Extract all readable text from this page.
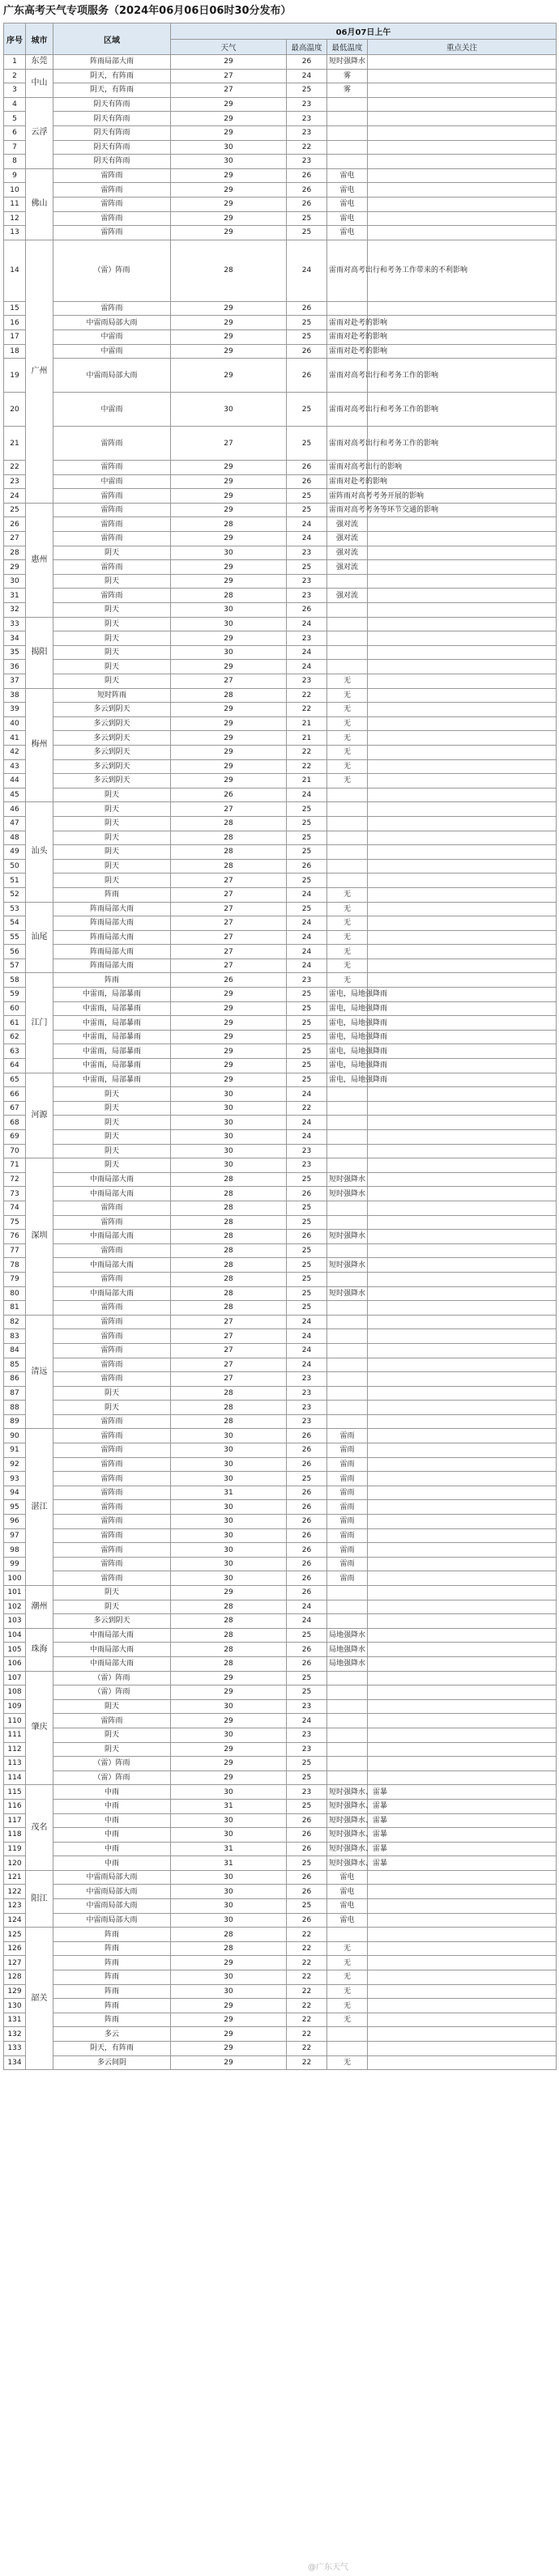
广东高考天气专项服务（2024年06月06日06时30分发布）
序号	城市	区域	06月07日上午			
			天气	最高温度	最低温度	重点关注
1	东莞	阵雨局部大雨	29	26	短时强降水	
2	中山	阴天，有阵雨	27	24	雾	
3		阴天，有阵雨	27	25	雾	
4	云浮	阴天有阵雨	29	23		
5		阴天有阵雨	29	23		
6		阴天有阵雨	29	23		
7		阴天有阵雨	30	22		
8		阴天有阵雨	30	23		
9	佛山	雷阵雨	29	26	雷电	
10		雷阵雨	29	26	雷电	
11		雷阵雨	29	26	雷电	
12		雷阵雨	29	25	雷电	
13		雷阵雨	29	25	雷电	
14	广州	（雷）阵雨	28	24	雷雨对高考出行和考务工作带来的不利影响	
15		雷阵雨	29	26		
16		中雷雨局部大雨	29	25	雷雨对赴考的影响	
17		中雷雨	29	25	雷雨对赴考的影响	
18		中雷雨	29	26	雷雨对赴考的影响	
19		中雷雨局部大雨	29	26	雷雨对高考出行和考务工作的影响	
20		中雷雨	30	25	雷雨对高考出行和考务工作的影响	
21		雷阵雨	27	25	雷雨对高考出行和考务工作的影响	
22		雷阵雨	29	26	雷雨对高考出行的影响	
23		中雷雨	29	26	雷雨对赴考的影响	
24		雷阵雨	29	25	雷阵雨对高考考务开展的影响	
25	惠州	雷阵雨	29	25	雷雨对高考考务等环节交通的影响	
26		雷阵雨	28	24	强对流	
27		雷阵雨	29	24	强对流	
28		阴天	30	23	强对流	
29		雷阵雨	29	25	强对流	
30		阴天	29	23		
31		雷阵雨	28	23	强对流	
32		阴天	30	26		
33	揭阳	阴天	30	24		
34		阴天	29	23		
35		阴天	30	24		
36		阴天	29	24		
37		阴天	27	23	无	
38	梅州	短时阵雨	28	22	无	
39		多云到阴天	29	22	无	
40		多云到阴天	29	21	无	
41		多云到阴天	29	21	无	
42		多云到阴天	29	22	无	
43		多云到阴天	29	22	无	
44		多云到阴天	29	21	无	
45		阴天	26	24		
46	汕头	阴天	27	25		
47		阴天	28	25		
48		阴天	28	25		
49		阴天	28	25		
50		阴天	28	26		
51		阴天	27	25		
52		阵雨	27	24	无	
53	汕尾	阵雨局部大雨	27	25	无	
54		阵雨局部大雨	27	24	无	
55		阵雨局部大雨	27	24	无	
56		阵雨局部大雨	27	24	无	
57		阵雨局部大雨	27	24	无	
58	江门	阵雨	26	23	无	
59		中雷雨，局部暴雨	29	25	雷电，局地强降雨	
60		中雷雨，局部暴雨	29	25	雷电，局地强降雨	
61		中雷雨，局部暴雨	29	25	雷电，局地强降雨	
62		中雷雨，局部暴雨	29	25	雷电，局地强降雨	
63		中雷雨，局部暴雨	29	25	雷电，局地强降雨	
64		中雷雨，局部暴雨	29	25	雷电，局地强降雨	
65	河源	中雷雨，局部暴雨	29	25	雷电，局地强降雨	
66		阴天	30	24		
67		阴天	30	22		
68		阴天	30	24		
69		阴天	30	24		
70		阴天	30	23		
71	深圳	阴天	30	23		
72		中雨局部大雨	28	25	短时强降水	
73		中雨局部大雨	28	26	短时强降水	
74		雷阵雨	28	25		
75		雷阵雨	28	25		
76		中雨局部大雨	28	26	短时强降水	
77		雷阵雨	28	25		
78		中雨局部大雨	28	25	短时强降水	
79		雷阵雨	28	25		
80		中雨局部大雨	28	25	短时强降水	
81		雷阵雨	28	25		
82	清远	雷阵雨	27	24		
83		雷阵雨	27	24		
84		雷阵雨	27	24		
85		雷阵雨	27	24		
86		雷阵雨	27	23		
87		阴天	28	23		
88		阴天	28	23		
89		雷阵雨	28	23		
90	湛江	雷阵雨	30	26	雷雨	
91		雷阵雨	30	26	雷雨	
92		雷阵雨	30	26	雷雨	
93		雷阵雨	30	25	雷雨	
94		雷阵雨	31	26	雷雨	
95		雷阵雨	30	26	雷雨	
96		雷阵雨	30	26	雷雨	
97		雷阵雨	30	26	雷雨	
98		雷阵雨	30	26	雷雨	
99		雷阵雨	30	26	雷雨	
100		雷阵雨	30	26	雷雨	
101	潮州	阴天	29	26		
102		阴天	28	24		
103		多云到阴天	28	24		
104	珠海	中雨局部大雨	28	25	局地强降水	
105		中雨局部大雨	28	26	局地强降水	
106		中雨局部大雨	28	26	局地强降水	
107	肇庆	（雷）阵雨	29	25		
108		（雷）阵雨	29	25		
109		阴天	30	23		
110		雷阵雨	29	24		
111		阴天	30	23		
112		阴天	29	23		
113		（雷）阵雨	29	25		
114		（雷）阵雨	29	25		
115	茂名	中雨	30	23	短时强降水、雷暴	
116		中雨	31	25	短时强降水、雷暴	
117		中雨	30	26	短时强降水、雷暴	
118		中雨	30	26	短时强降水、雷暴	
119		中雨	31	26	短时强降水、雷暴	
120		中雨	31	25	短时强降水、雷暴	
121	阳江	中雷雨局部大雨	30	26	雷电	
122		中雷雨局部大雨	30	26	雷电	
123		中雷雨局部大雨	30	25	雷电	
124		中雷雨局部大雨	30	26	雷电	
125	韶关	阵雨	28	22		
126		阵雨	28	22	无	
127		阵雨	29	22	无	
128		阵雨	30	22	无	
129		阵雨	30	22	无	
130		阵雨	29	22	无	
131		阵雨	29	22	无	
132		多云	29	22		
133		阴天，有阵雨	29	22		
134		多云间阴	29	22	无	
@广东天气
